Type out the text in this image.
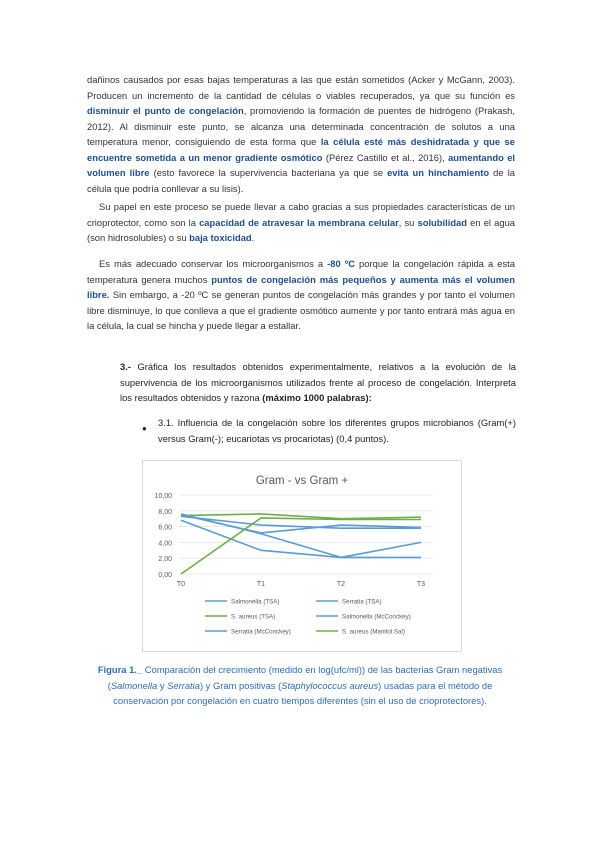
dañinos causados por esas bajas temperaturas a las que están sometidos (Acker y McGann, 2003). Producen un incremento de la cantidad de células o viables recuperados, ya que su función es disminuir el punto de congelación, promoviendo la formación de puentes de hidrógeno (Prakash, 2012). Al disminuir este punto, se alcanza una determinada concentración de solutos a una temperatura menor, consiguiendo de esta forma que la célula esté más deshidratada y que se encuentre sometida a un menor gradiente osmótico (Pérez Castillo et al., 2016), aumentando el volumen libre (esto favorece la supervivencia bacteriana ya que se evita un hinchamiento de la célula que podría conllevar a su lisis).

Su papel en este proceso se puede llevar a cabo gracias a sus propiedades características de un crioprotector, como son la capacidad de atravesar la membrana celular, su solubilidad en el agua (son hidrosolubles) o su baja toxicidad.

Es más adecuado conservar los microorganismos a -80 ºC porque la congelación rápida a esta temperatura genera muchos puntos de congelación más pequeños y aumenta más el volumen libre. Sin embargo, a -20 ºC se generan puntos de congelación más grandes y por tanto el volumen libre disminuye, lo que conlleva a que el gradiente osmótico aumente y por tanto entrará más agua en la célula, la cual se hincha y puede llegar a estallar.

3.- Gráfica los resultados obtenidos experimentalmente, relativos a la evolución de la supervivencia de los microorganismos utilizados frente al proceso de congelación. Interpreta los resultados obtenidos y razona (máximo 1000 palabras):

●

3.1. Influencia de la congelación sobre los diferentes grupos microbianos (Gram(+) versus Gram(-); eucariotas vs procariotas) (0,4 puntos).

Gram - vs Gram +
0,00
2,00
4,00
6,00
8,00
10,00
T0	T1	T2	T3
Salmonella (TSA)	Serratia (TSA)
S. aureus (TSA)	Salmonella (McConckey)
Serratia (McConckey)	S. aureus (Manitol Sal)

Figura 1._ Comparación del crecimiento (medido en log(ufc/ml)) de las bacterias Gram negativas (Salmonella y Serratia) y Gram positivas (Staphylococcus aureus) usadas para el método de conservación por congelación en cuatro tiempos diferentes (sin el uso de crioprotectores).
